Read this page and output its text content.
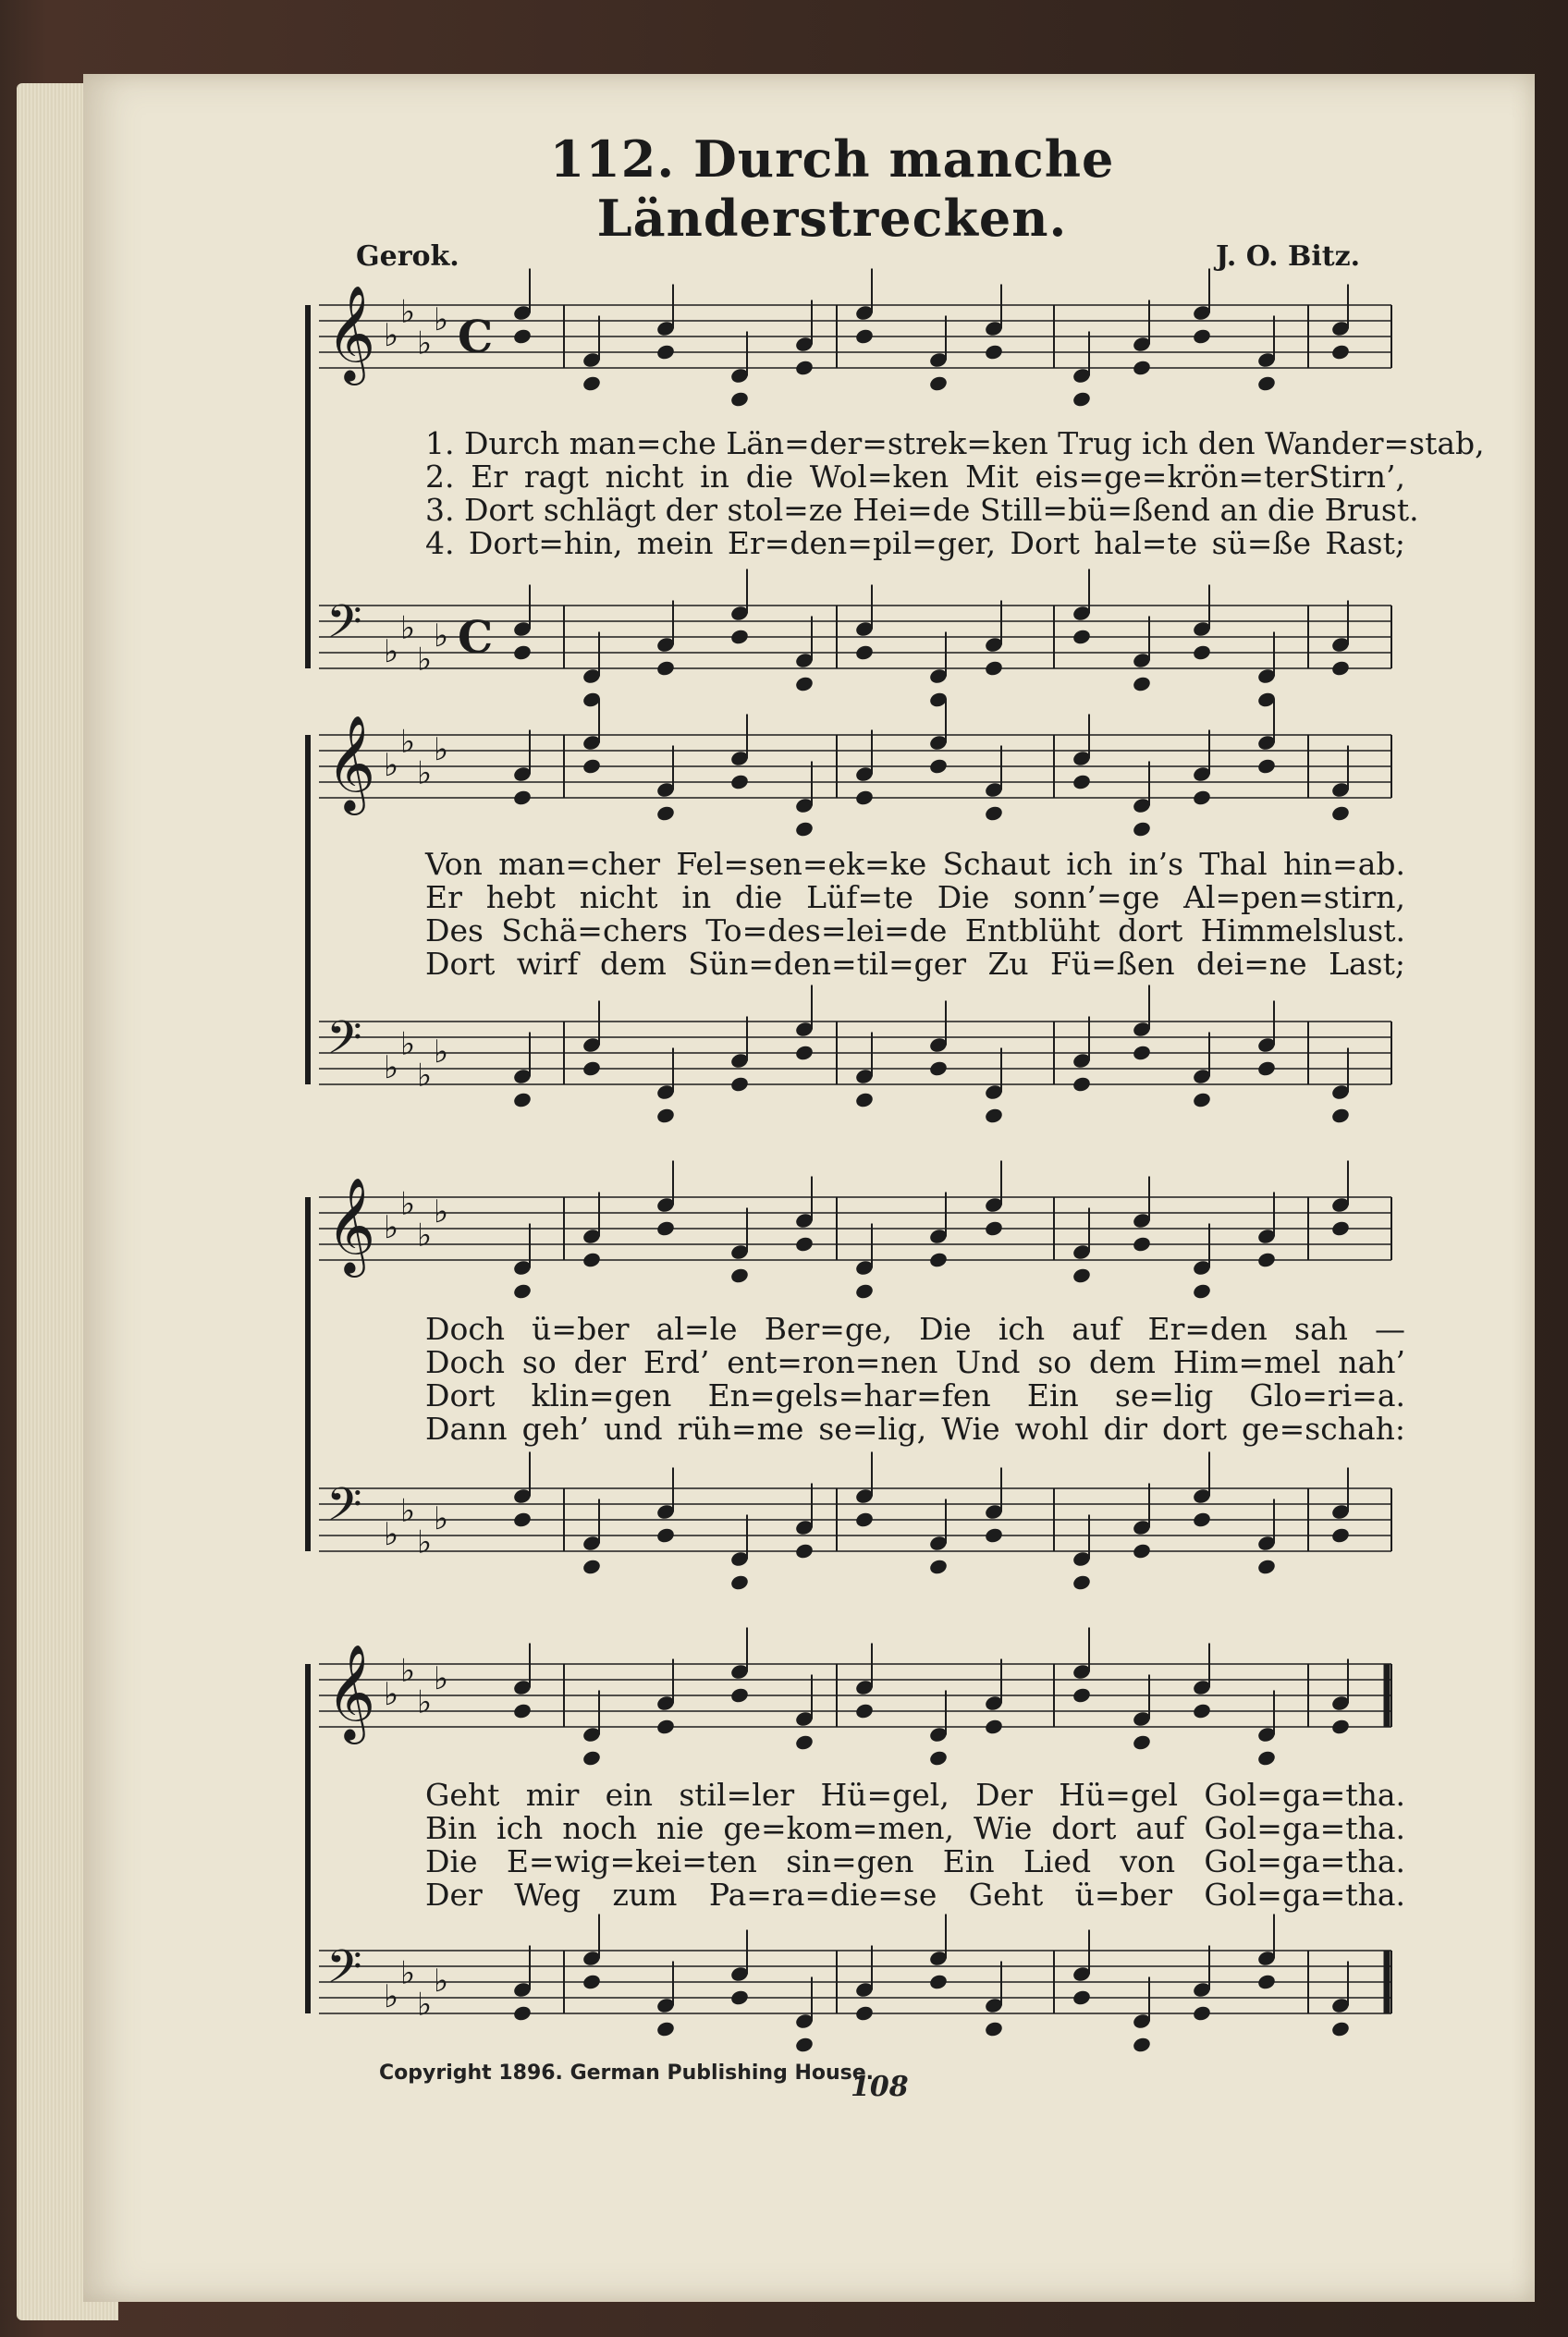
112. Durch manche Länderstrecken.
Gerok.	J. O. Bitz.
𝄞 ♭
♭
♭
♭ C
𝄢 ♭
♭
♭
♭ C
𝄞 ♭
♭
♭
♭
𝄢 ♭
♭
♭
♭
𝄞 ♭
♭
♭
♭
𝄢 ♭
♭
♭
♭
𝄞 ♭
♭
♭
♭
𝄢 ♭
♭
♭
♭
1. Durch man=che Län=der=strek=ken Trug ich den Wander=stab,
2. Er ragt nicht in die Wol=ken Mit eis=ge=krön=terStirn’,
3. Dort schlägt der stol=ze Hei=de Still=bü=ßend an die Brust.
4. Dort=hin, mein Er=den=pil=ger, Dort hal=te sü=ße Rast;
Von man=cher Fel=sen=ek=ke Schaut ich in’s Thal hin=ab.
Er hebt nicht in die Lüf=te Die sonn’=ge Al=pen=stirn,
Des Schä=chers To=des=lei=de Entblüht dort Himmelslust.
Dort wirf dem Sün=den=til=ger Zu Fü=ßen dei=ne Last;
Doch ü=ber al=le Ber=ge, Die ich auf Er=den sah —
Doch so der Erd’ ent=ron=nen Und so dem Him=mel nah’
Dort klin=gen En=gels=har=fen Ein se=lig Glo=ri=a.
Dann geh’ und rüh=me se=lig, Wie wohl dir dort ge=schah:
Geht mir ein stil=ler Hü=gel, Der Hü=gel Gol=ga=tha.
Bin ich noch nie ge=kom=men, Wie dort auf Gol=ga=tha.
Die E=wig=kei=ten sin=gen Ein Lied von Gol=ga=tha.
Der Weg zum Pa=ra=die=se Geht ü=ber Gol=ga=tha.
Copyright 1896. German Publishing House.
108
